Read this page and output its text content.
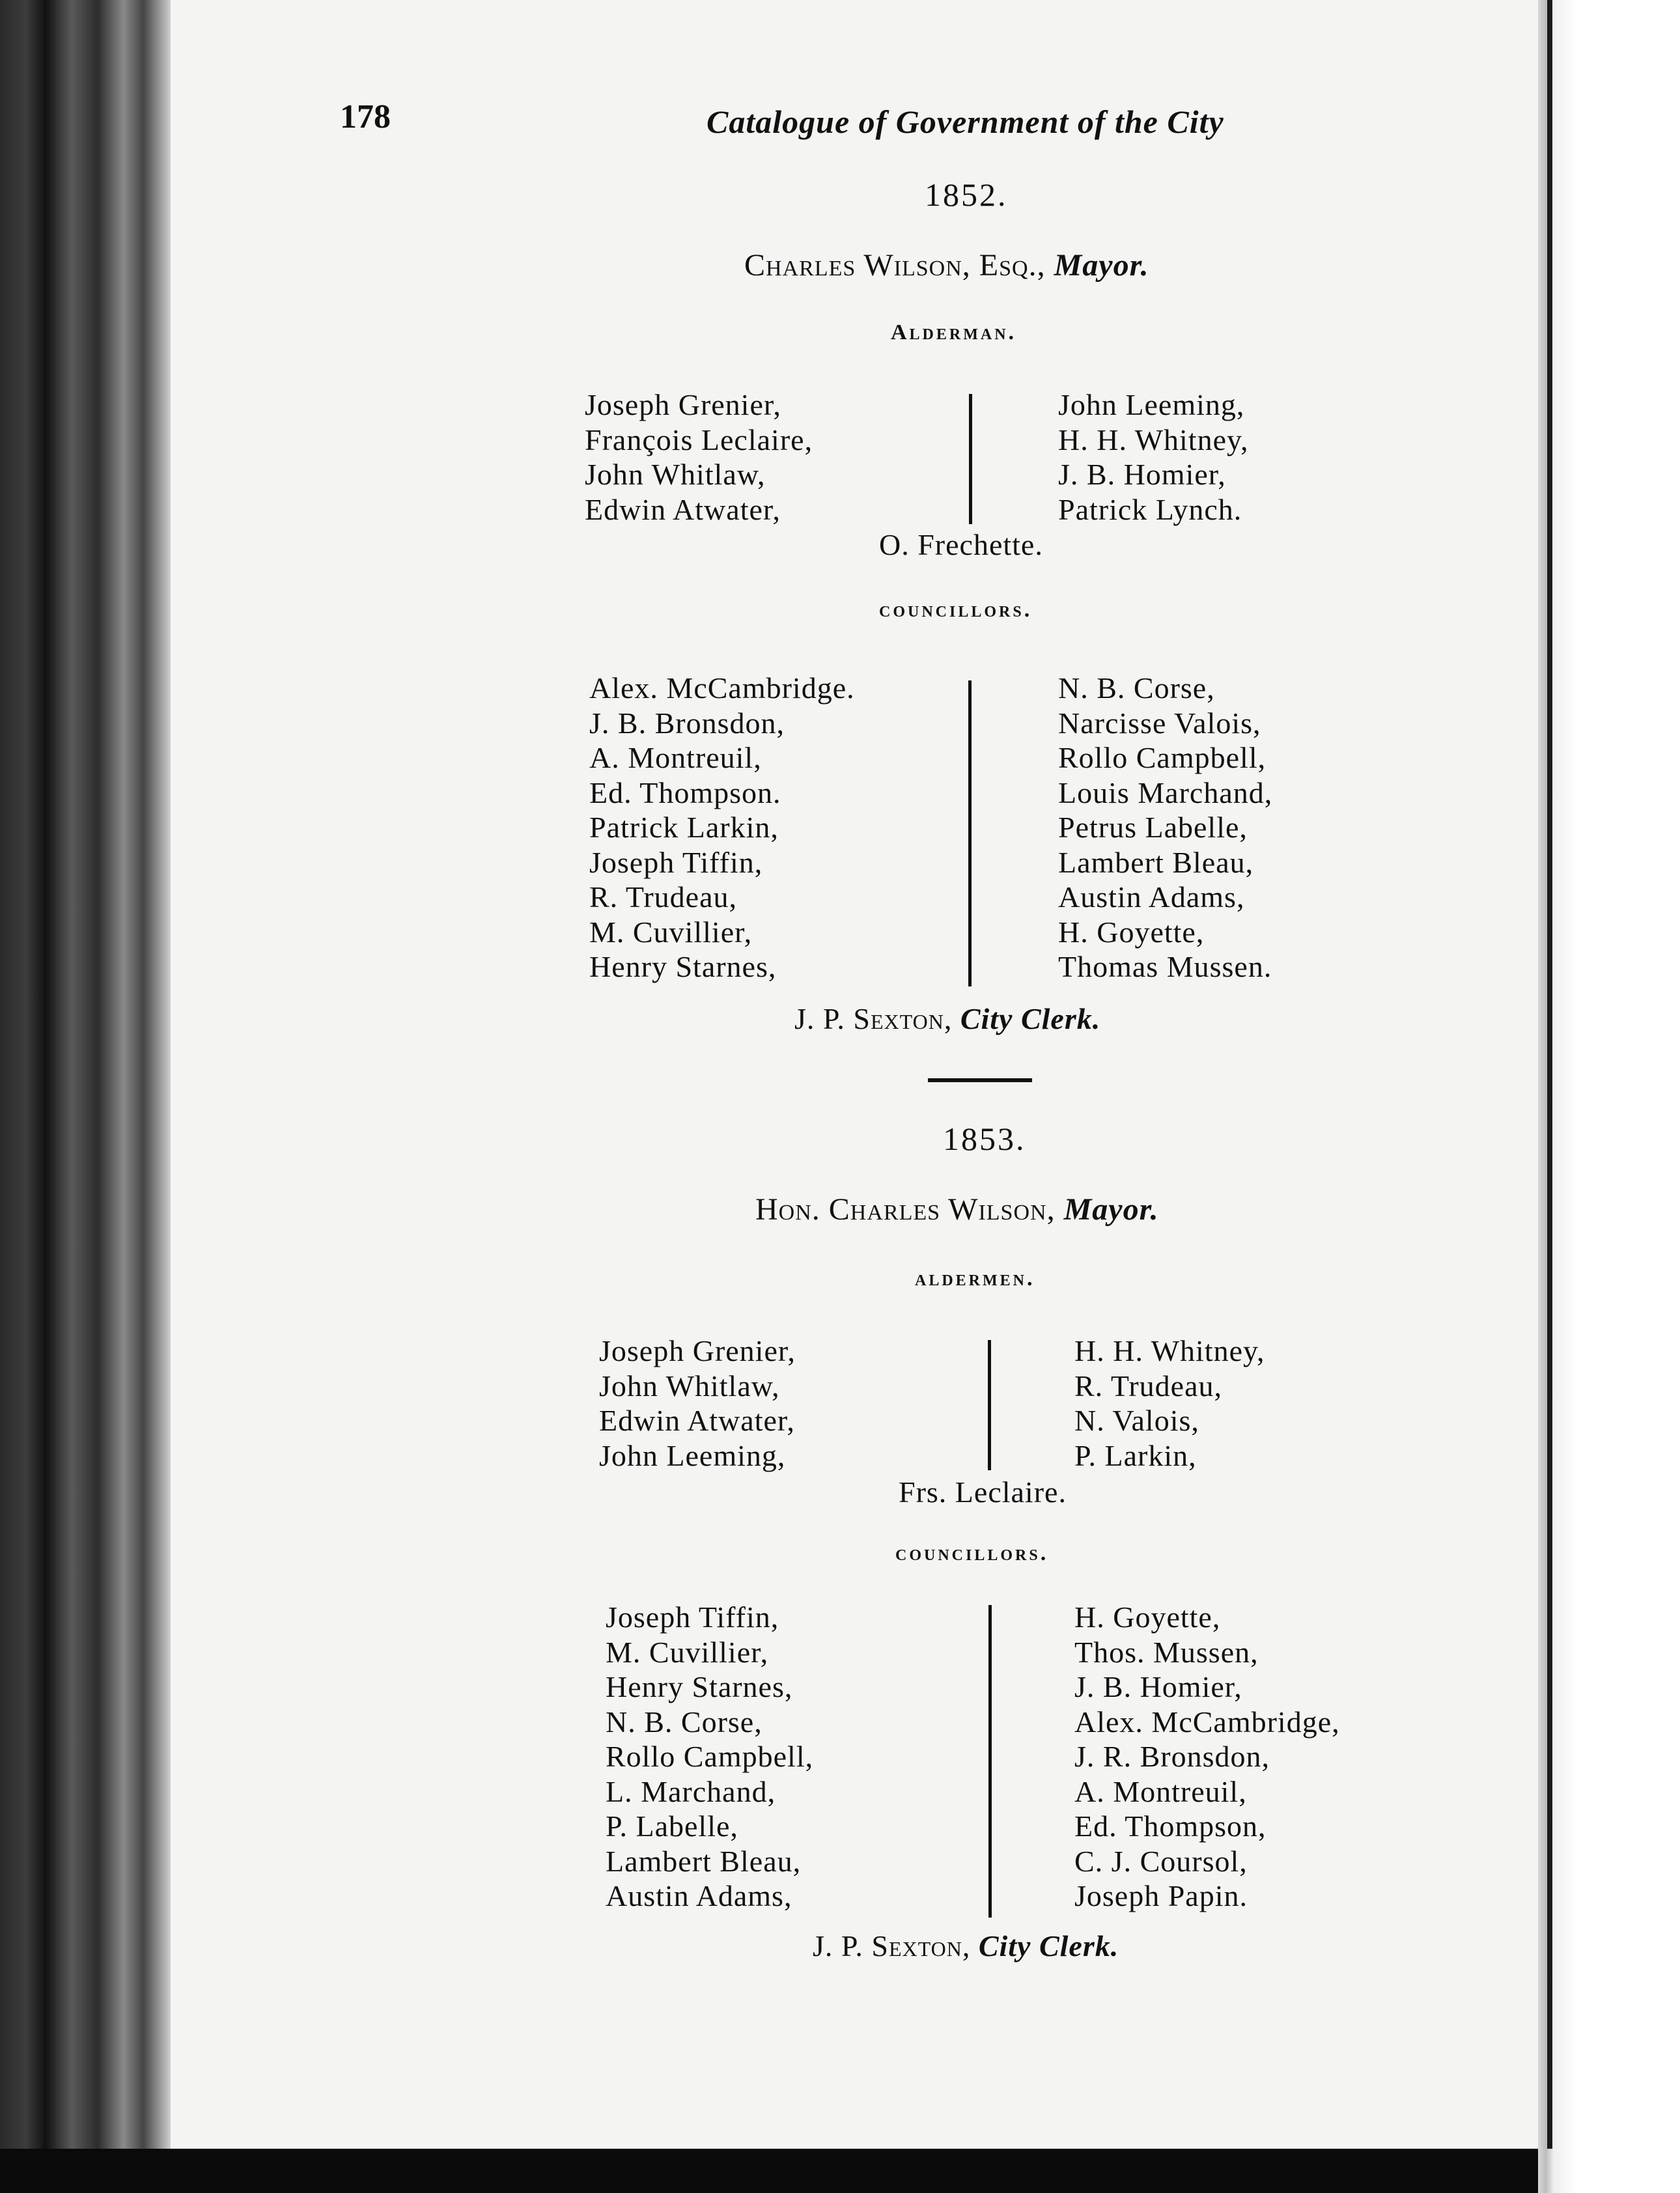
178	Catalogue of Government of the City
1852.
Charles Wilson, Esq., Mayor.
Alderman.
Joseph Grenier,
François Leclaire,
John Whitlaw,
Edwin Atwater,
John Leeming,
H. H. Whitney,
J. B. Homier,
Patrick Lynch.
O. Frechette.
councillors.
Alex. McCambridge.
J. B. Bronsdon,
A. Montreuil,
Ed. Thompson.
Patrick Larkin,
Joseph Tiffin,
R. Trudeau,
M. Cuvillier,
Henry Starnes,
N. B. Corse,
Narcisse Valois,
Rollo Campbell,
Louis Marchand,
Petrus Labelle,
Lambert Bleau,
Austin Adams,
H. Goyette,
Thomas Mussen.
J. P. Sexton, City Clerk.
1853.
Hon. Charles Wilson, Mayor.
aldermen.
Joseph Grenier,
John Whitlaw,
Edwin Atwater,
John Leeming,
H. H. Whitney,
R. Trudeau,
N. Valois,
P. Larkin,
Frs. Leclaire.
councillors.
Joseph Tiffin,
M. Cuvillier,
Henry Starnes,
N. B. Corse,
Rollo Campbell,
L. Marchand,
P. Labelle,
Lambert Bleau,
Austin Adams,
H. Goyette,
Thos. Mussen,
J. B. Homier,
Alex. McCambridge,
J. R. Bronsdon,
A. Montreuil,
Ed. Thompson,
C. J. Coursol,
Joseph Papin.
J. P. Sexton, City Clerk.
